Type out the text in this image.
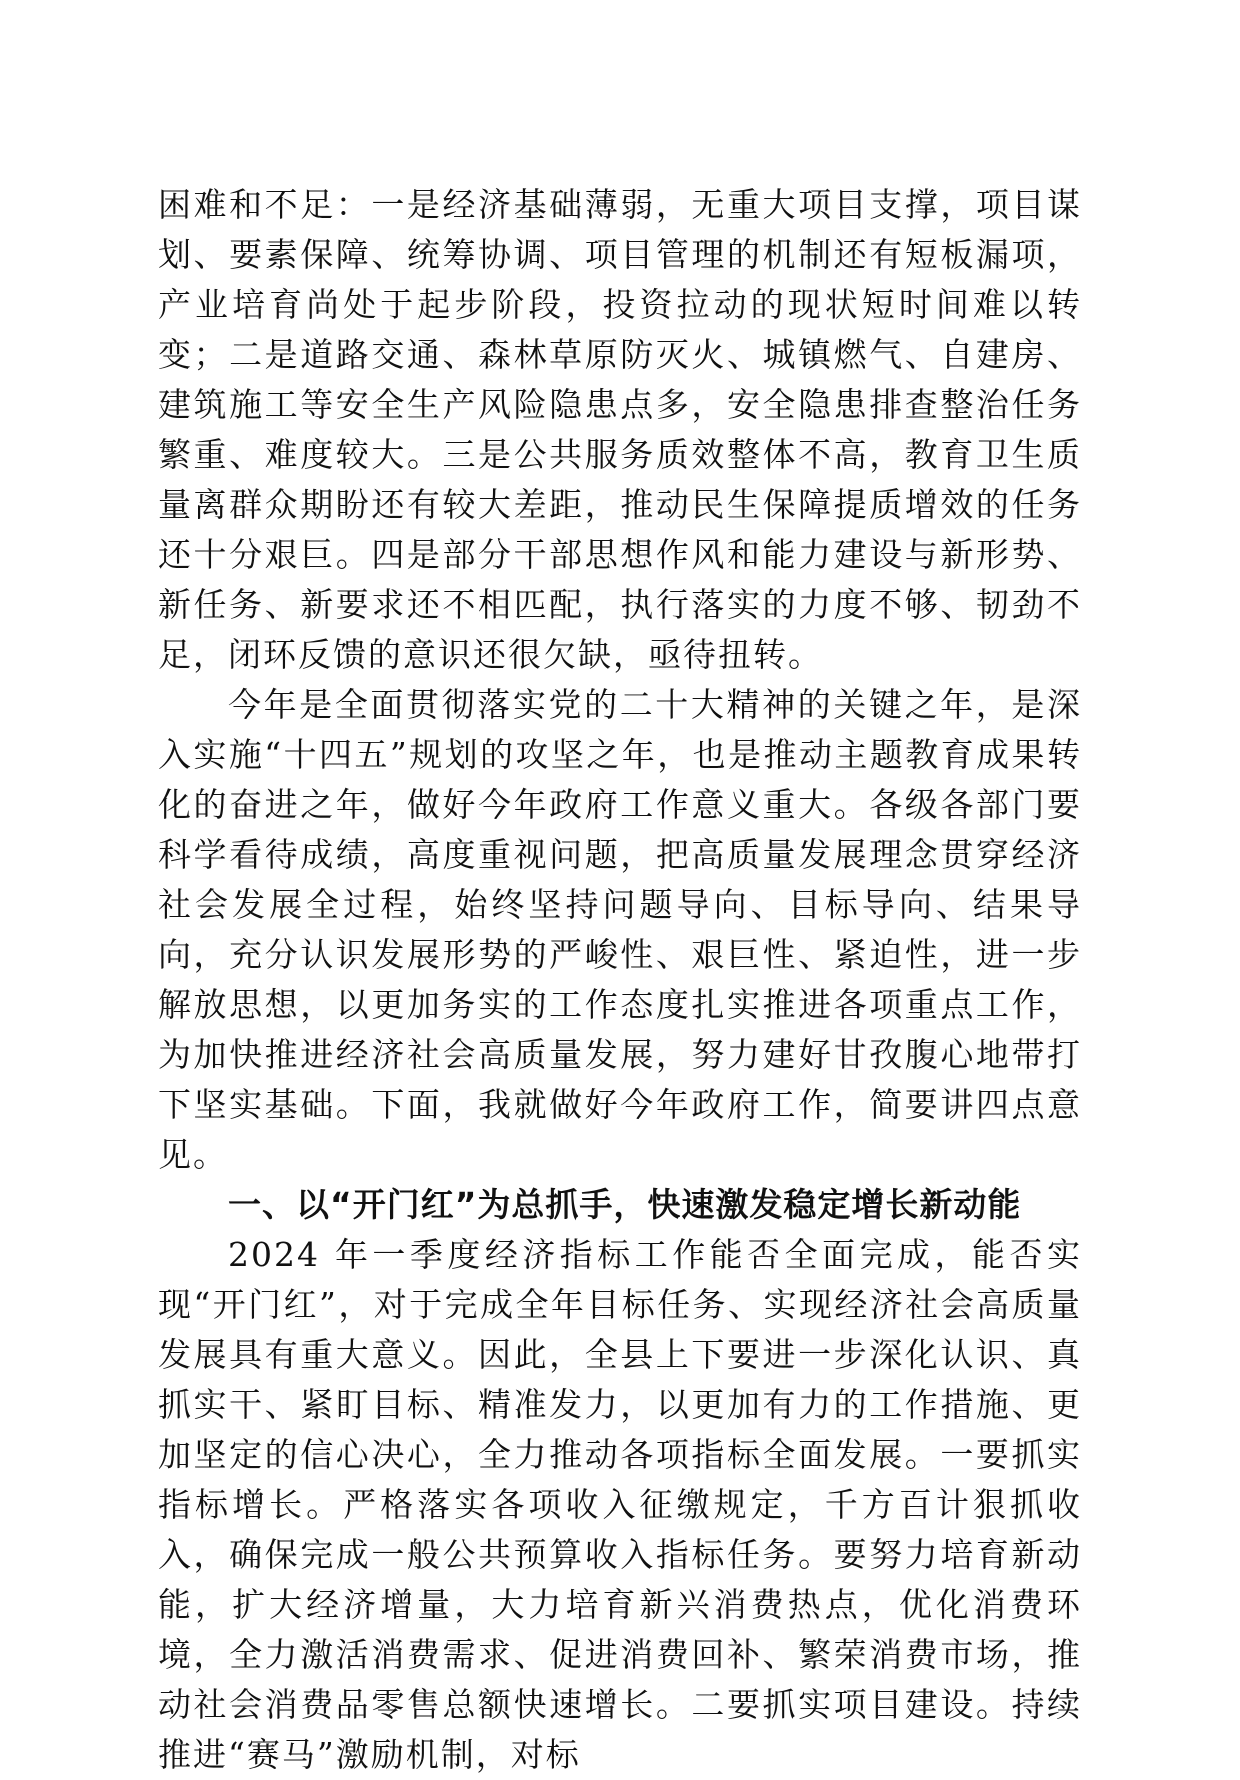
困难和不足：一是经济基础薄弱，无重大项目支撑，项目谋划、要素保障、统筹协调、项目管理的机制还有短板漏项，产业培育尚处于起步阶段，投资拉动的现状短时间难以转变；二是道路交通、森林草原防灭火、城镇燃气、自建房、建筑施工等安全生产风险隐患点多，安全隐患排查整治任务繁重、难度较大。三是公共服务质效整体不高，教育卫生质量离群众期盼还有较大差距，推动民生保障提质增效的任务还十分艰巨。四是部分干部思想作风和能力建设与新形势、新任务、新要求还不相匹配，执行落实的力度不够、韧劲不足，闭环反馈的意识还很欠缺，亟待扭转。

今年是全面贯彻落实党的二十大精神的关键之年，是深入实施“十四五”规划的攻坚之年，也是推动主题教育成果转化的奋进之年，做好今年政府工作意义重大。各级各部门要科学看待成绩，高度重视问题，把高质量发展理念贯穿经济社会发展全过程，始终坚持问题导向、目标导向、结果导向，充分认识发展形势的严峻性、艰巨性、紧迫性，进一步解放思想，以更加务实的工作态度扎实推进各项重点工作，为加快推进经济社会高质量发展，努力建好甘孜腹心地带打下坚实基础。下面，我就做好今年政府工作，简要讲四点意见。

一、以“开门红”为总抓手，快速激发稳定增长新动能

2024 年一季度经济指标工作能否全面完成，能否实现“开门红”，对于完成全年目标任务、实现经济社会高质量发展具有重大意义。因此，全县上下要进一步深化认识、真抓实干、紧盯目标、精准发力，以更加有力的工作措施、更加坚定的信心决心，全力推动各项指标全面发展。一要抓实指标增长。严格落实各项收入征缴规定，千方百计狠抓收入，确保完成一般公共预算收入指标任务。要努力培育新动能，扩大经济增量，大力培育新兴消费热点，优化消费环境，全力激活消费需求、促进消费回补、繁荣消费市场，推动社会消费品零售总额快速增长。二要抓实项目建设。持续推进“赛马”激励机制，对标
